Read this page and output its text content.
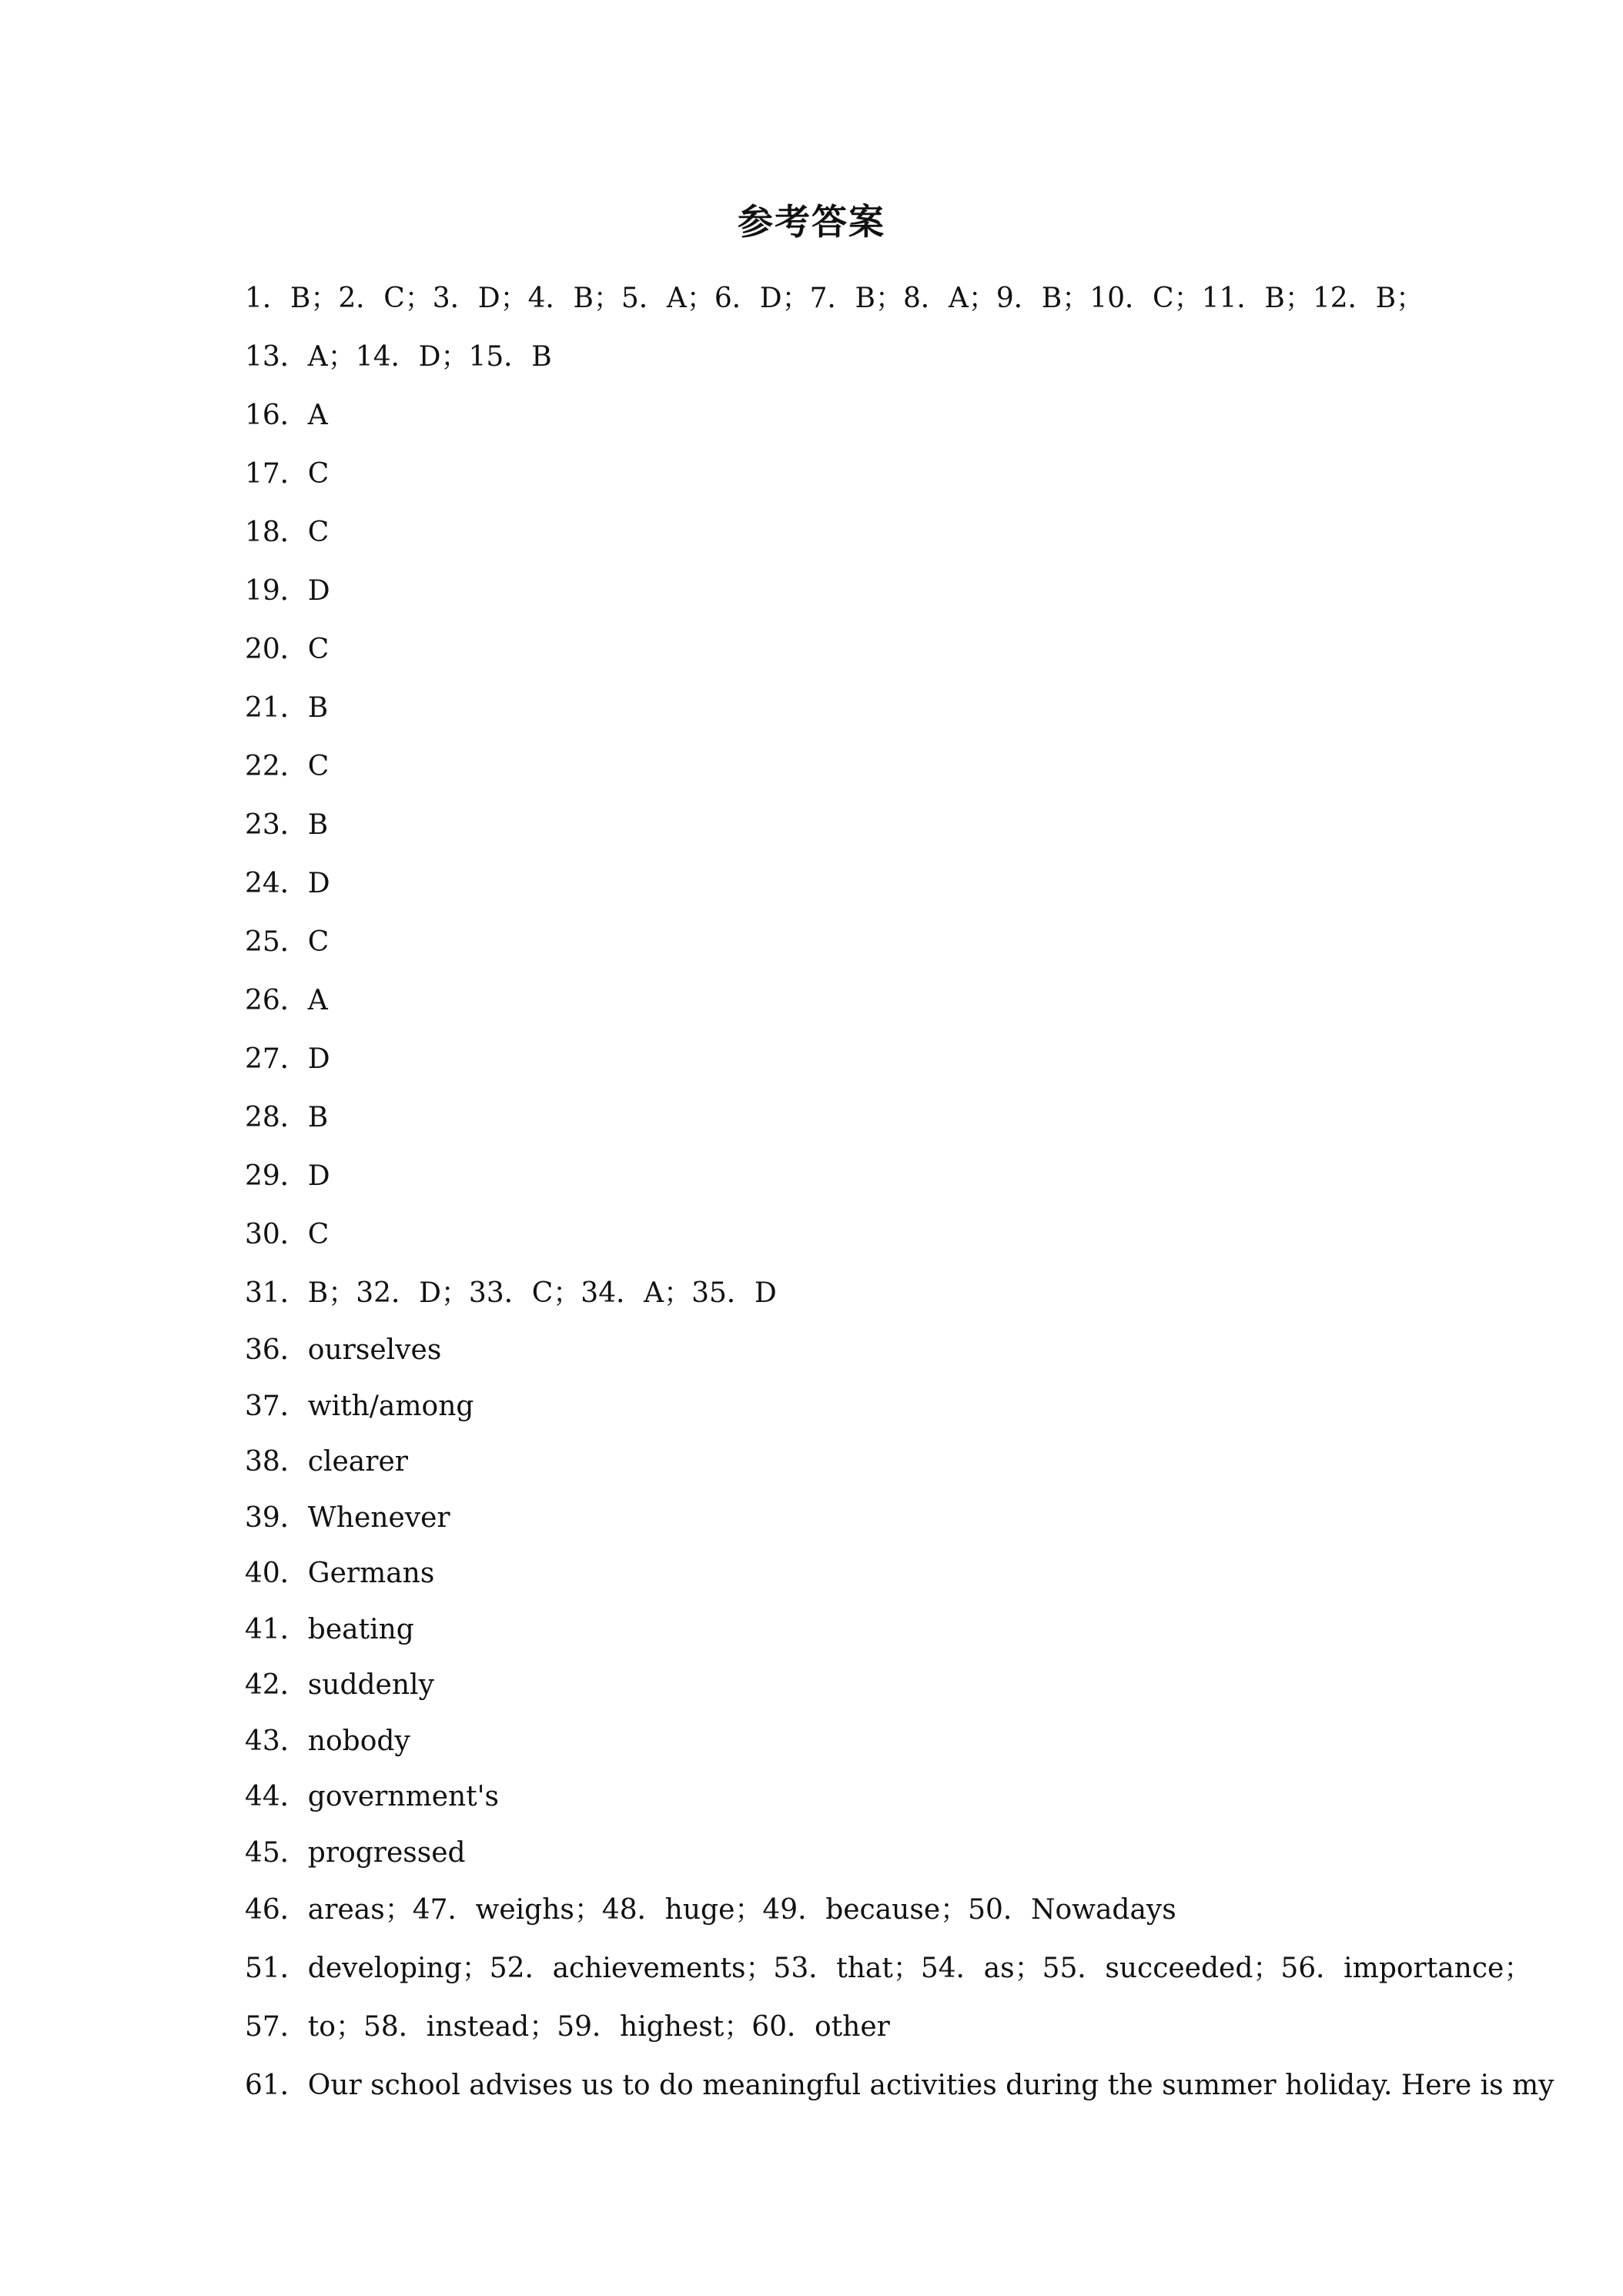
参考答案
1．B；2．C；3．D；4．B；5．A；6．D；7．B；8．A；9．B；10．C；11．B；12．B；
13．A；14．D；15．B
16．A
17．C
18．C
19．D
20．C
21．B
22．C
23．B
24．D
25．C
26．A
27．D
28．B
29．D
30．C
31．B；32．D；33．C；34．A；35．D
36．ourselves
37．with/among
38．clearer
39．Whenever
40．Germans
41．beating
42．suddenly
43．nobody
44．government's
45．progressed
46．areas；47．weighs；48．huge；49．because；50．Nowadays
51．developing；52．achievements；53．that；54．as；55．succeeded；56．importance；
57．to；58．instead；59．highest；60．other
61．Our school advises us to do meaningful activities during the summer holiday. Here is my
